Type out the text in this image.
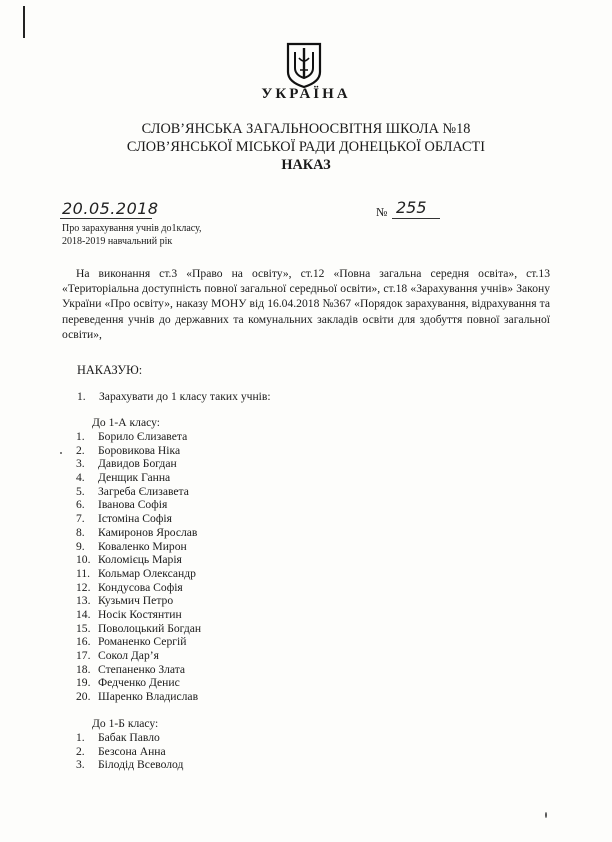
УКРАЇНА
СЛОВ’ЯНСЬКА ЗАГАЛЬНООСВІТНЯ ШКОЛА №18
СЛОВ’ЯНСЬКОЇ МІСЬКОЇ РАДИ ДОНЕЦЬКОЇ ОБЛАСТІ
НАКАЗ
20.05.2018	№ 255
Про зарахування учнів до1класу,
2018-2019 навчальний рік
На виконання ст.3 «Право на освіту», ст.12 «Повна загальна середня освіта», ст.13 «Територіальна доступність повної загальної середньої освіти», ст.18 «Зарахування учнів» Закону України «Про освіту», наказу МОНУ від 16.04.2018 №367 «Порядок зарахування, відрахування та переведення учнів до державних та комунальних закладів освіти для здобуття повної загальної освіти»,
НАКАЗУЮ:
1. Зарахувати до 1 класу таких учнів:
До 1-А класу:
1. Борило Єлизавета
2. Боровикова Ніка
3. Давидов Богдан
4. Денщик Ганна
5. Загреба Єлизавета
6. Іванова Софія
7. Істоміна Софія
8. Камиронов Ярослав
9. Коваленко Мирон
10. Коломієць Марія
11. Кольмар Олександр
12. Кондусова Софія
13. Кузьмич Петро
14. Носік Костянтин
15. Поволоцький Богдан
16. Романенко Сергій
17. Сокол Дар’я
18. Степаненко Злата
19. Федченко Денис
20. Шаренко Владислав
До 1-Б класу:
1. Бабак Павло
2. Безсона Анна
3. Білодід Всеволод
